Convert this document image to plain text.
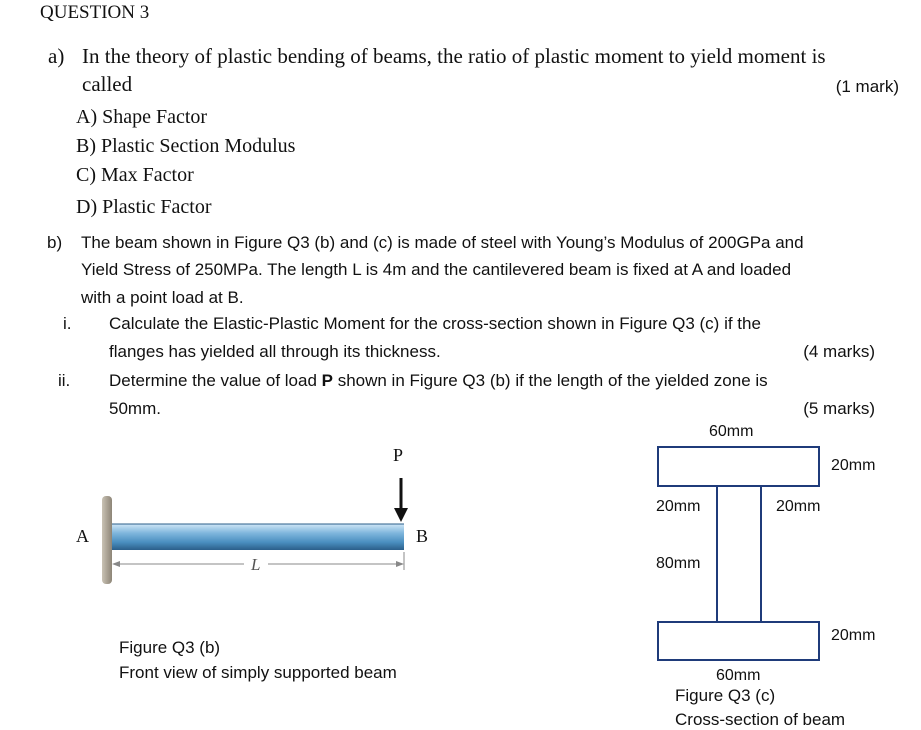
QUESTION 3
a) In the theory of plastic bending of beams, the ratio of plastic moment to yield moment is
called	(1 mark)
A) Shape Factor
B) Plastic Section Modulus
C) Max Factor
D) Plastic Factor
b) The beam shown in Figure Q3 (b) and (c) is made of steel with Young’s Modulus of 200GPa and
Yield Stress of 250MPa. The length L is 4m and the cantilevered beam is fixed at A and loaded
with a point load at B.
i. Calculate the Elastic-Plastic Moment for the cross-section shown in Figure Q3 (c) if the
flanges has yielded all through its thickness.	(4 marks)
ii. Determine the value of load P shown in Figure Q3 (b) if the length of the yielded zone is
50mm.	(5 marks)
P
A	B
L
Figure Q3 (b)
Front view of simply supported beam
60mm
20mm
20mm	20mm
80mm
20mm
60mm
Figure Q3 (c)
Cross-section of beam
